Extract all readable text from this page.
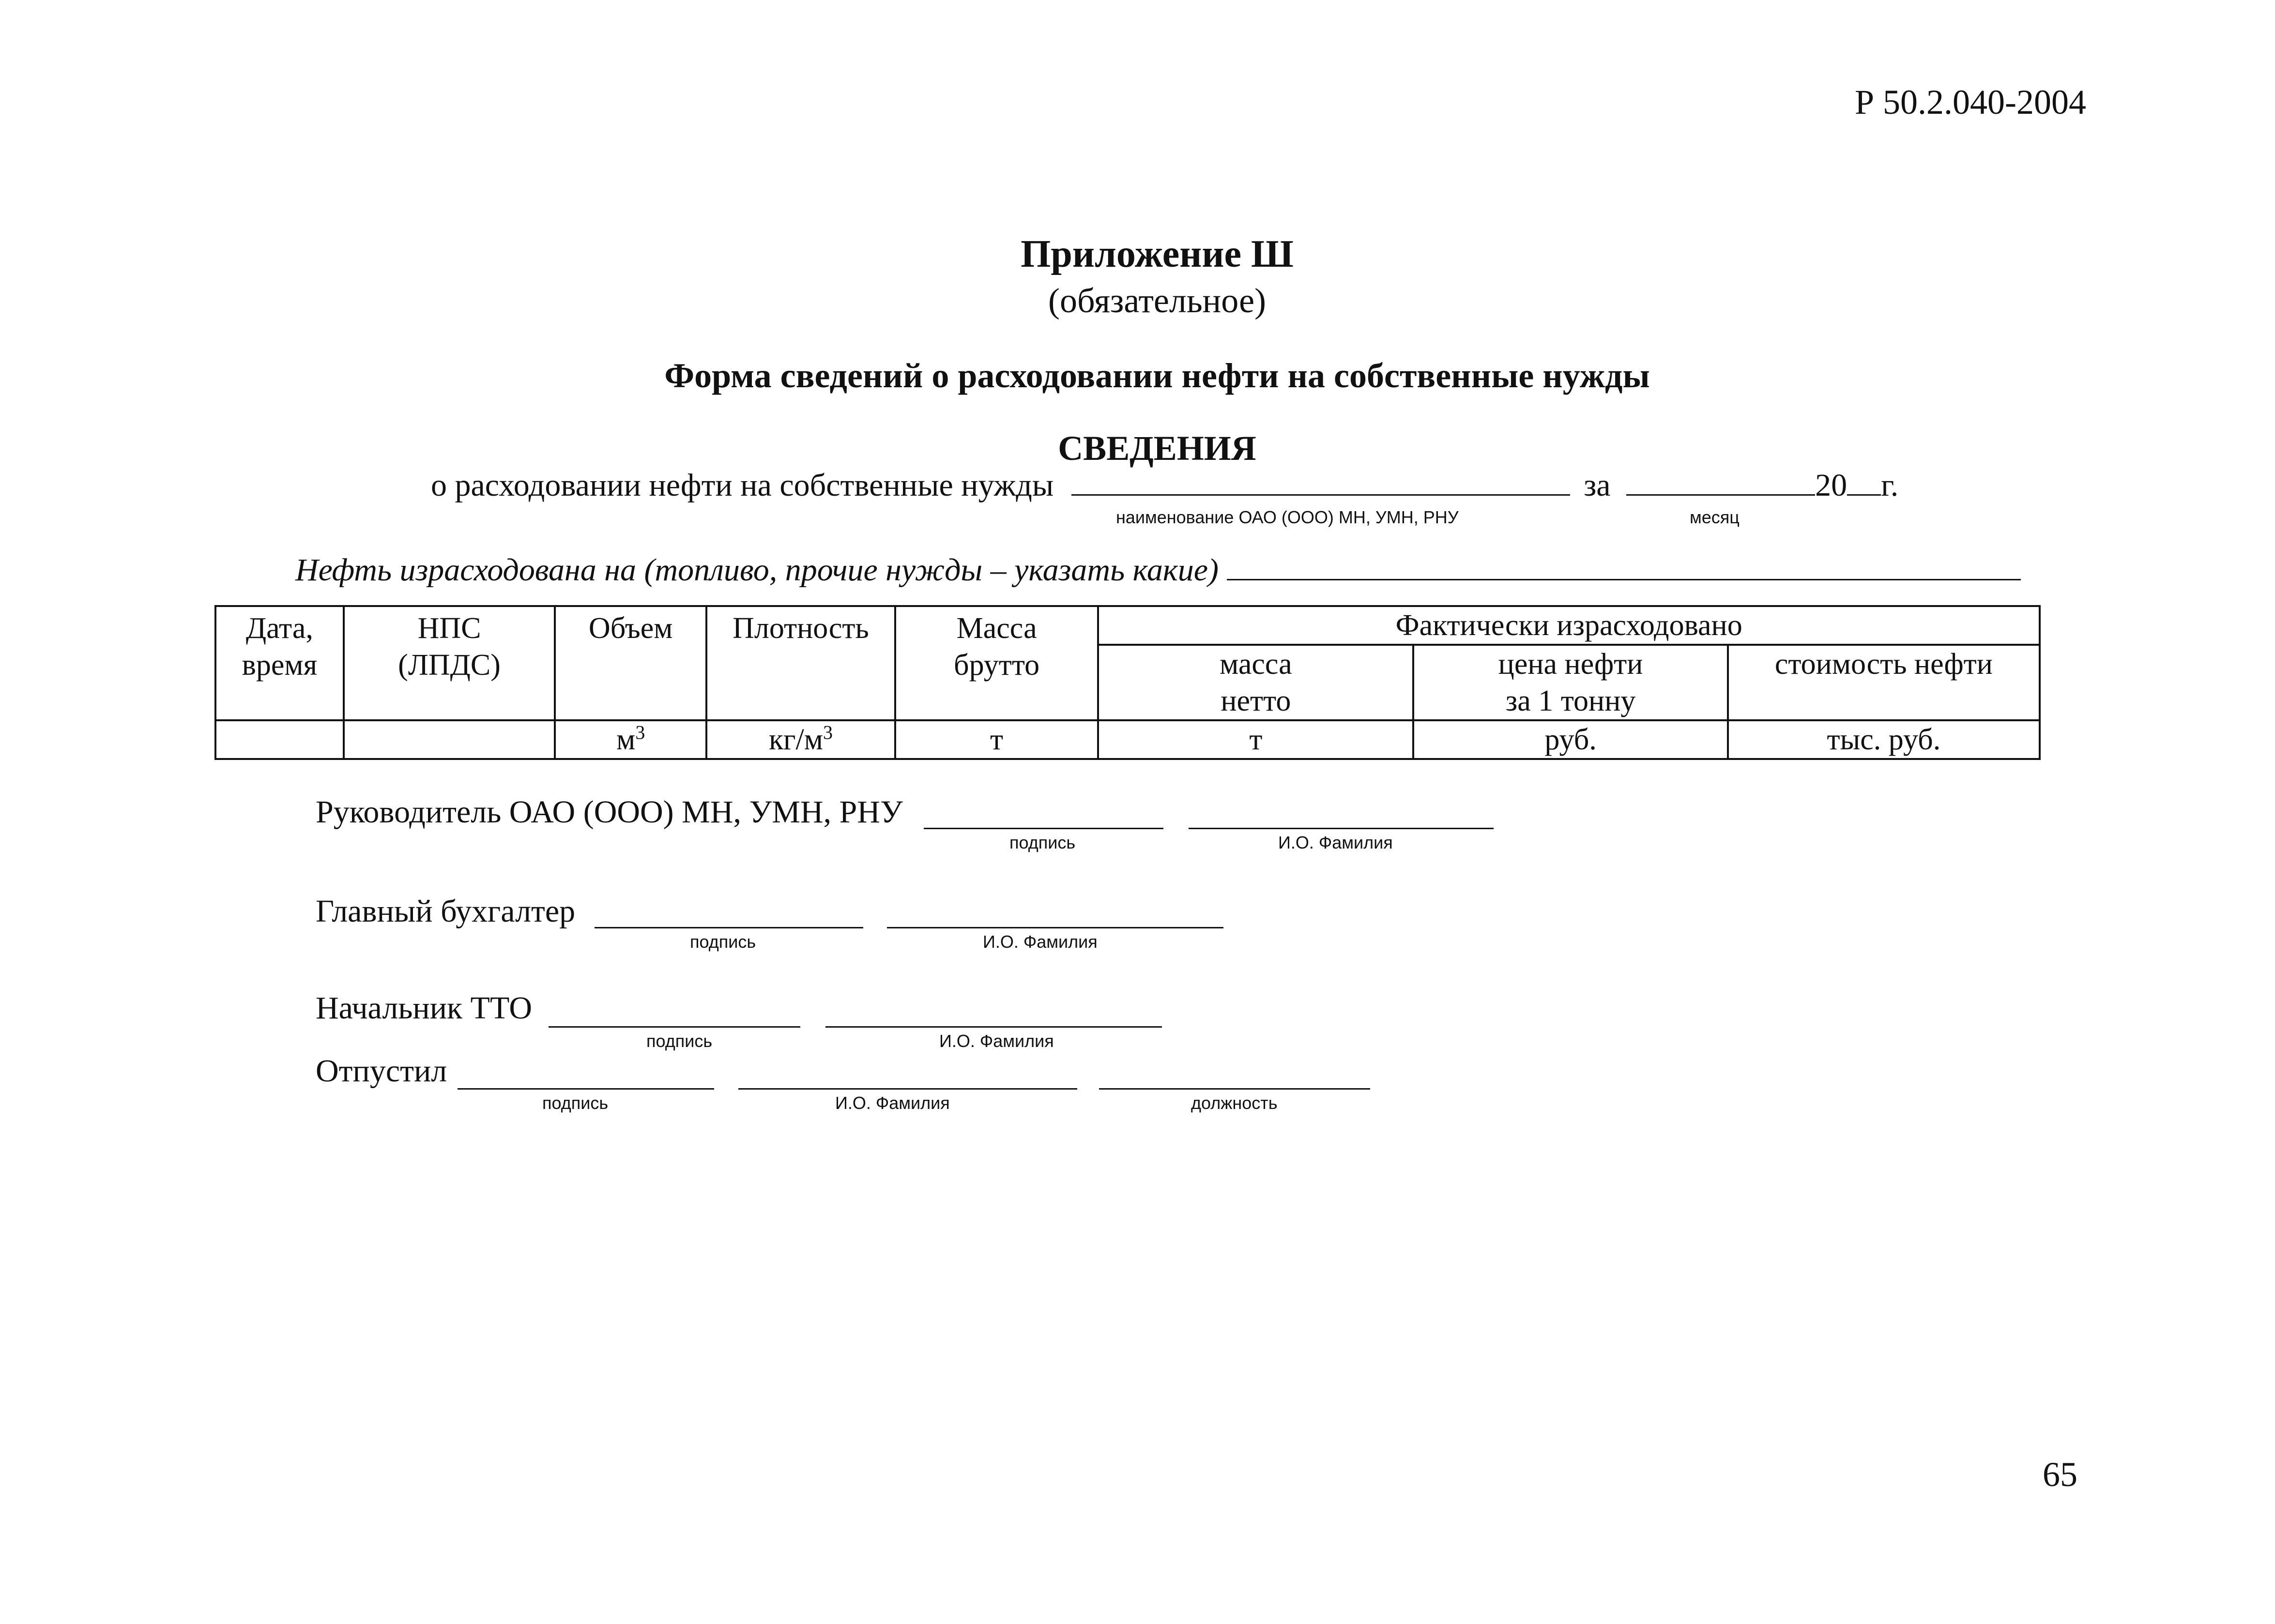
Р 50.2.040-2004
Приложение Ш
(обязательное)
Форма сведений о расходовании нефти на собственные нужды
СВЕДЕНИЯ
о расходовании нефти на собственные нужды	за	20 г.
наименование ОАО (ООО) МН, УМН, РНУ	месяц
Нефть израсходована на (топливо, прочие нужды – указать какие)
Дата, время	НПС (ЛПДС)	Объем	Плотность	Масса брутто	Фактически израсходовано		
					масса нетто	цена нефти за 1 тонну	стоимость нефти
		$м^3$	$кг/м^3$	т	т	руб.	тыс. руб.
Руководитель ОАО (ООО) МН, УМН, РНУ
подпись	И.О. Фамилия
Главный бухгалтер
подпись	И.О. Фамилия
Начальник ТТО
подпись	И.О. Фамилия
Отпустил
подпись	И.О. Фамилия	должность
65
